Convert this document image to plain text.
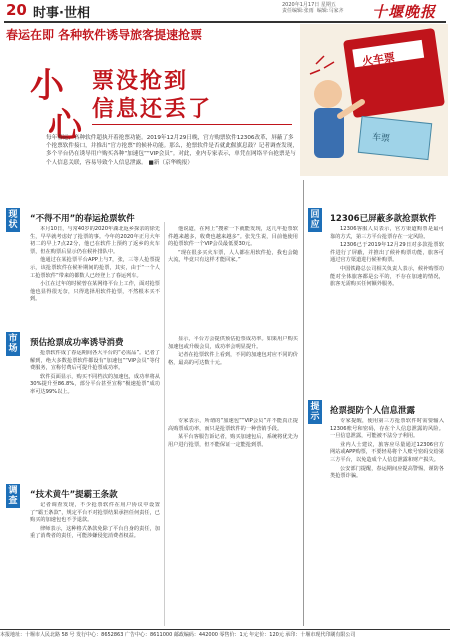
20 时事·世相
2020年1月17日 星期五
责任编辑:张雨  编辑:马家齐 十堰晚报
春运在即 各种软件诱导旅客提速抢票
小
心
票没抢到
信息还丢了
火车票
车票
每年春运，各种软件超执开着抢票功能。2019年12月29日晚，官方购票软件12306改革，屏蔽了多个抢票软件接口，并推出“官方抢票”的候补功能。那么，抢票软件是否就此偃旗息鼓？记者调查发现，多个平台仍在诱导用户购买各种“加速包”“VIP会员”。对此，业内专家表示，单凭在网络平台抢票是与个人信息关联，容易导致个人信息泄露。 ■新（京华晚报）
现状
“不得不用”的春运抢票软件
市场
预估抢票成功率诱导消费
调查
“技术黄牛”提霸王条款
回应
12306已屏蔽多款抢票软件
提示
抢票提防个人信息泄露

本月10日，与常40岁的2020年湖北返乡探亲的徐先生，早早就考虑好了抢票的事。今年的2020年正月大年初二的早上7点22分，他已在软件上预约了返乡的火车票，但在购票后显示仍在候补排队中。

他通过在某抢票平台APP上与7，张，三等人抢票提示，该抢票软件在候补期间的抢票，其实，由于“一个人工抢票软件”带来的都数人已经登上了春运列车。

小江在过年的时候曾在某网络平台上工作，面对抢票他也显得很无奈，只得选择用软件抢票，不然根本买不到。

他说道，在网上“搜索一下就能发现，这几年抢票软件越来越多，收费也越来越多”。张先生说，目前他使用的抢票软件一个VIP会员最低要30元。

“现在很多买火车票，人人都在用软件抢，我也会随大流，毕竟只有这样才能回家。”

抢票软件成了春运期间各大平台的“必需品”。记者了解到，绝大多数抢票软件都设有“加速包”“VIP会员”等付费服务，宣称付费后可提升抢票成功率。

软件页面显示，购买不同档次的加速包，成功率将从30%提升至86.8%，部分平台甚至宣称“极速抢票”成功率可达99%以上。

显示，平台方会提供预估抢票成功率。如果用户购买加速包或升级会员，成功率会明显提升。

记者在抢票软件上看到，不同的加速包对应不同的价格，最高的可达数十元。

专家表示，所谓的“加速包”“VIP会员”并不能真正提高购票成功率，而只是抢票软件的一种营销手段。

某平台客服告诉记者，购买加速包后，系统将优先为用户进行抢票，但不能保证一定能抢到票。

记者调查发现，不少抢票软件在用户协议中设置了“霸王条款”，规定平台不对抢票结果承担任何责任，已购买的加速包也不予退款。

律师表示，这种格式条款免除了平台自身的责任，加重了消费者的责任，可能涉嫌侵犯消费者权益。

12306客服人员表示，官方渠道购票是最可靠的方式，第三方平台抢票存在一定风险。

12306已于2019年12月29日对多款抢票软件进行了屏蔽，并推出了候补购票功能，旅客可通过官方渠道进行候补购票。

中国铁路总公司相关负责人表示，候补购票功能对全体旅客都是公平的，不存在加速的情况，旅客无需购买任何额外服务。

专家提醒，使用第三方抢票软件时需要输入12306账号和密码，存在个人信息泄露的风险。一旦信息泄露，可能被不法分子利用。

业内人士建议，旅客应尽量通过12306官方网站或APP购票，不要轻易将个人账号密码交给第三方平台，以免造成个人信息泄露和财产损失。

公安部门提醒，春运期间应提高警惕，谨防各类抢票诈骗。

本报地址：十堰市人民北路 58 号 发行中心：8652863 广告中心：8611000 邮政编码：442000 零售价：1元 年定价：120元 承印：十堰市现代印刷有限公司
